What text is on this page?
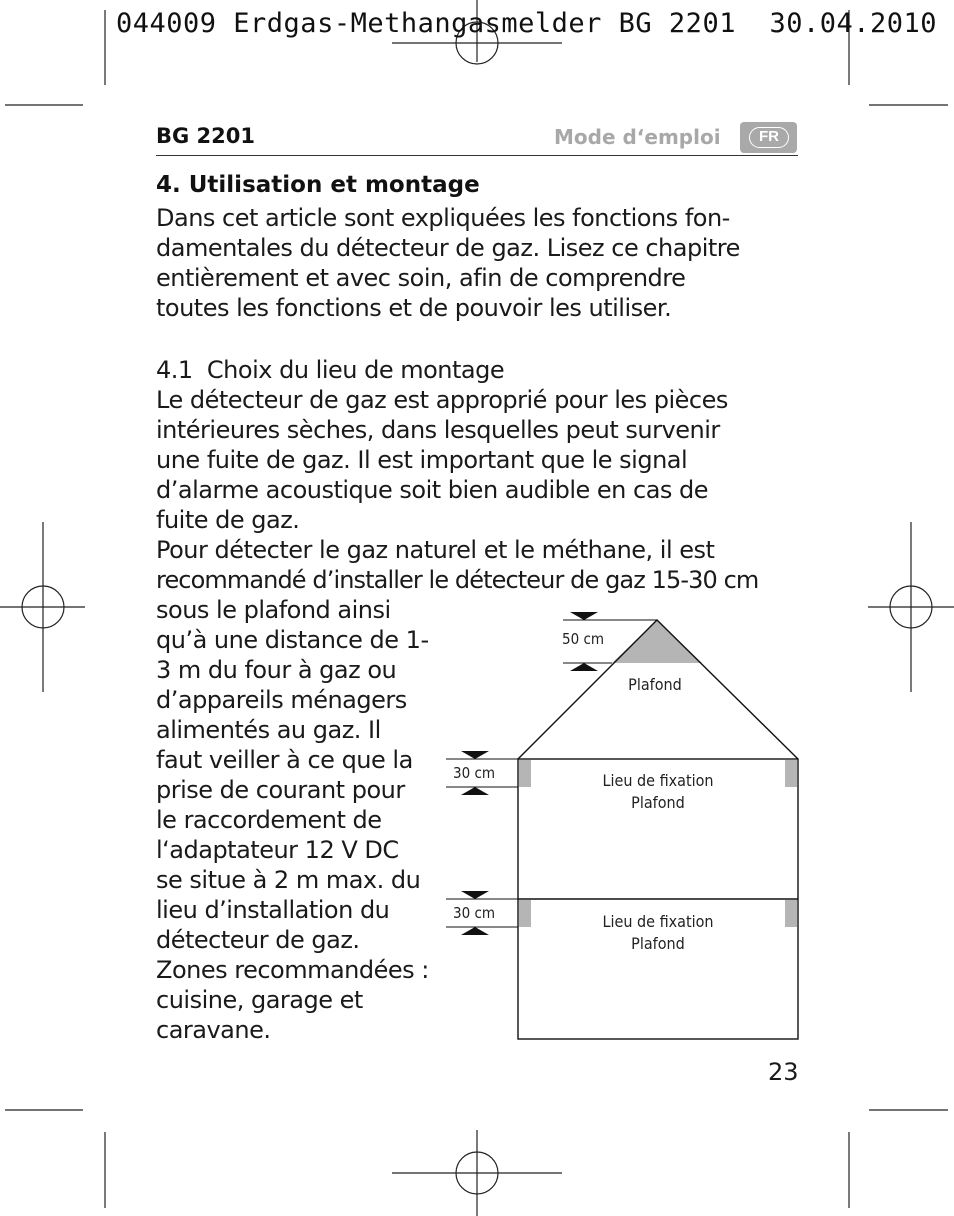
044009 Erdgas-Methangasmelder BG 2201  30.04.2010
BG 2201	Mode d‘emploi	FR
4. Utilisation et montage
Dans cet article sont expliquées les fonctions fon-
damentales du détecteur de gaz. Lisez ce chapitre
entièrement et avec soin, afin de comprendre
toutes les fonctions et de pouvoir les utiliser.
4.1  Choix du lieu de montage
Le détecteur de gaz est approprié pour les pièces
intérieures sèches, dans lesquelles peut survenir
une fuite de gaz. Il est important que le signal
d’alarme acoustique soit bien audible en cas de
fuite de gaz.
Pour détecter le gaz naturel et le méthane, il est
recommandé d’installer le détecteur de gaz 15-30 cm
sous le plafond ainsi
qu’à une distance de 1-
3 m du four à gaz ou
d’appareils ménagers
alimentés au gaz. Il
faut veiller à ce que la
prise de courant pour
le raccordement de
l‘adaptateur 12 V DC
se situe à 2 m max. du
lieu d’installation du
détecteur de gaz.
Zones recommandées :
cuisine, garage et
caravane.
50 cm
Plafond
30 cm	Lieu de fixation
Plafond
30 cm	Lieu de fixation
Plafond
23
